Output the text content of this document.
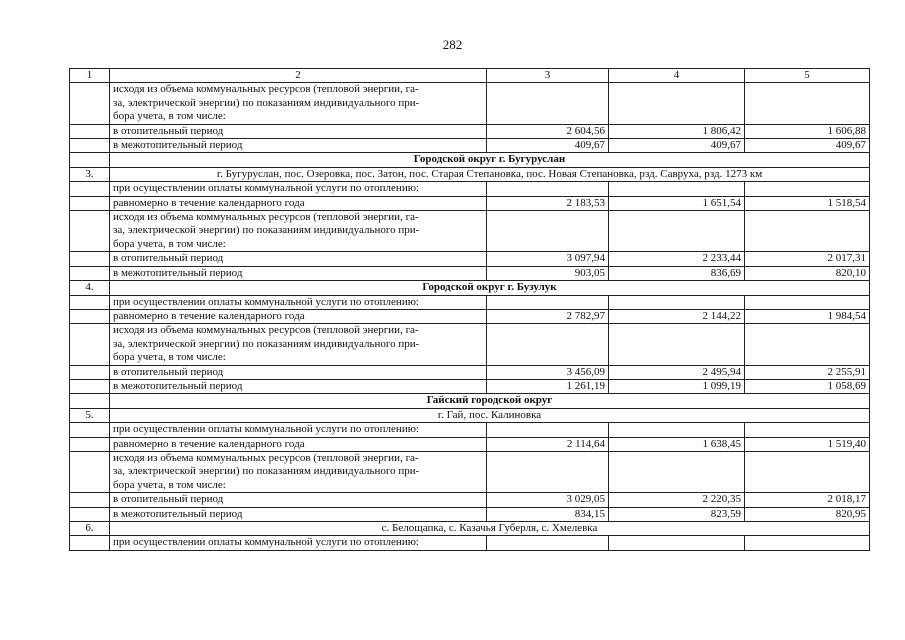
282
1	2	3	4	5
	исходя из объема коммунальных ресурсов (тепловой энергии, га-
за, электрической энергии) по показаниям индивидуального при-
бора учета, в том числе:			
	в отопительный период	2 604,56	1 806,42	1 606,88
	в межотопительный период	409,67	409,67	409,67
	Городской округ г. Бугуруслан			
3.	г. Бугуруслан, пос. Озеровка, пос. Затон, пос. Старая Степановка, пос. Новая Степановка, рзд. Савруха, рзд. 1273 км			
	при осуществлении оплаты коммунальной услуги по отоплению:			
	равномерно в течение календарного года	2 183,53	1 651,54	1 518,54
	исходя из объема коммунальных ресурсов (тепловой энергии, га-
за, электрической энергии) по показаниям индивидуального при-
бора учета, в том числе:			
	в отопительный период	3 097,94	2 233,44	2 017,31
	в межотопительный период	903,05	836,69	820,10
4.	Городской округ г. Бузулук			
	при осуществлении оплаты коммунальной услуги по отоплению:			
	равномерно в течение календарного года	2 782,97	2 144,22	1 984,54
	исходя из объема коммунальных ресурсов (тепловой энергии, га-
за, электрической энергии) по показаниям индивидуального при-
бора учета, в том числе:			
	в отопительный период	3 456,09	2 495,94	2 255,91
	в межотопительный период	1 261,19	1 099,19	1 058,69
	Гайский городской округ			
5.	г. Гай, пос. Калиновка			
	при осуществлении оплаты коммунальной услуги по отоплению:			
	равномерно в течение календарного года	2 114,64	1 638,45	1 519,40
	исходя из объема коммунальных ресурсов (тепловой энергии, га-
за, электрической энергии) по показаниям индивидуального при-
бора учета, в том числе:			
	в отопительный период	3 029,05	2 220,35	2 018,17
	в межотопительный период	834,15	823,59	820,95
6.	с. Белощапка, с. Казачья Губерля, с. Хмелевка			
	при осуществлении оплаты коммунальной услуги по отоплению:			
